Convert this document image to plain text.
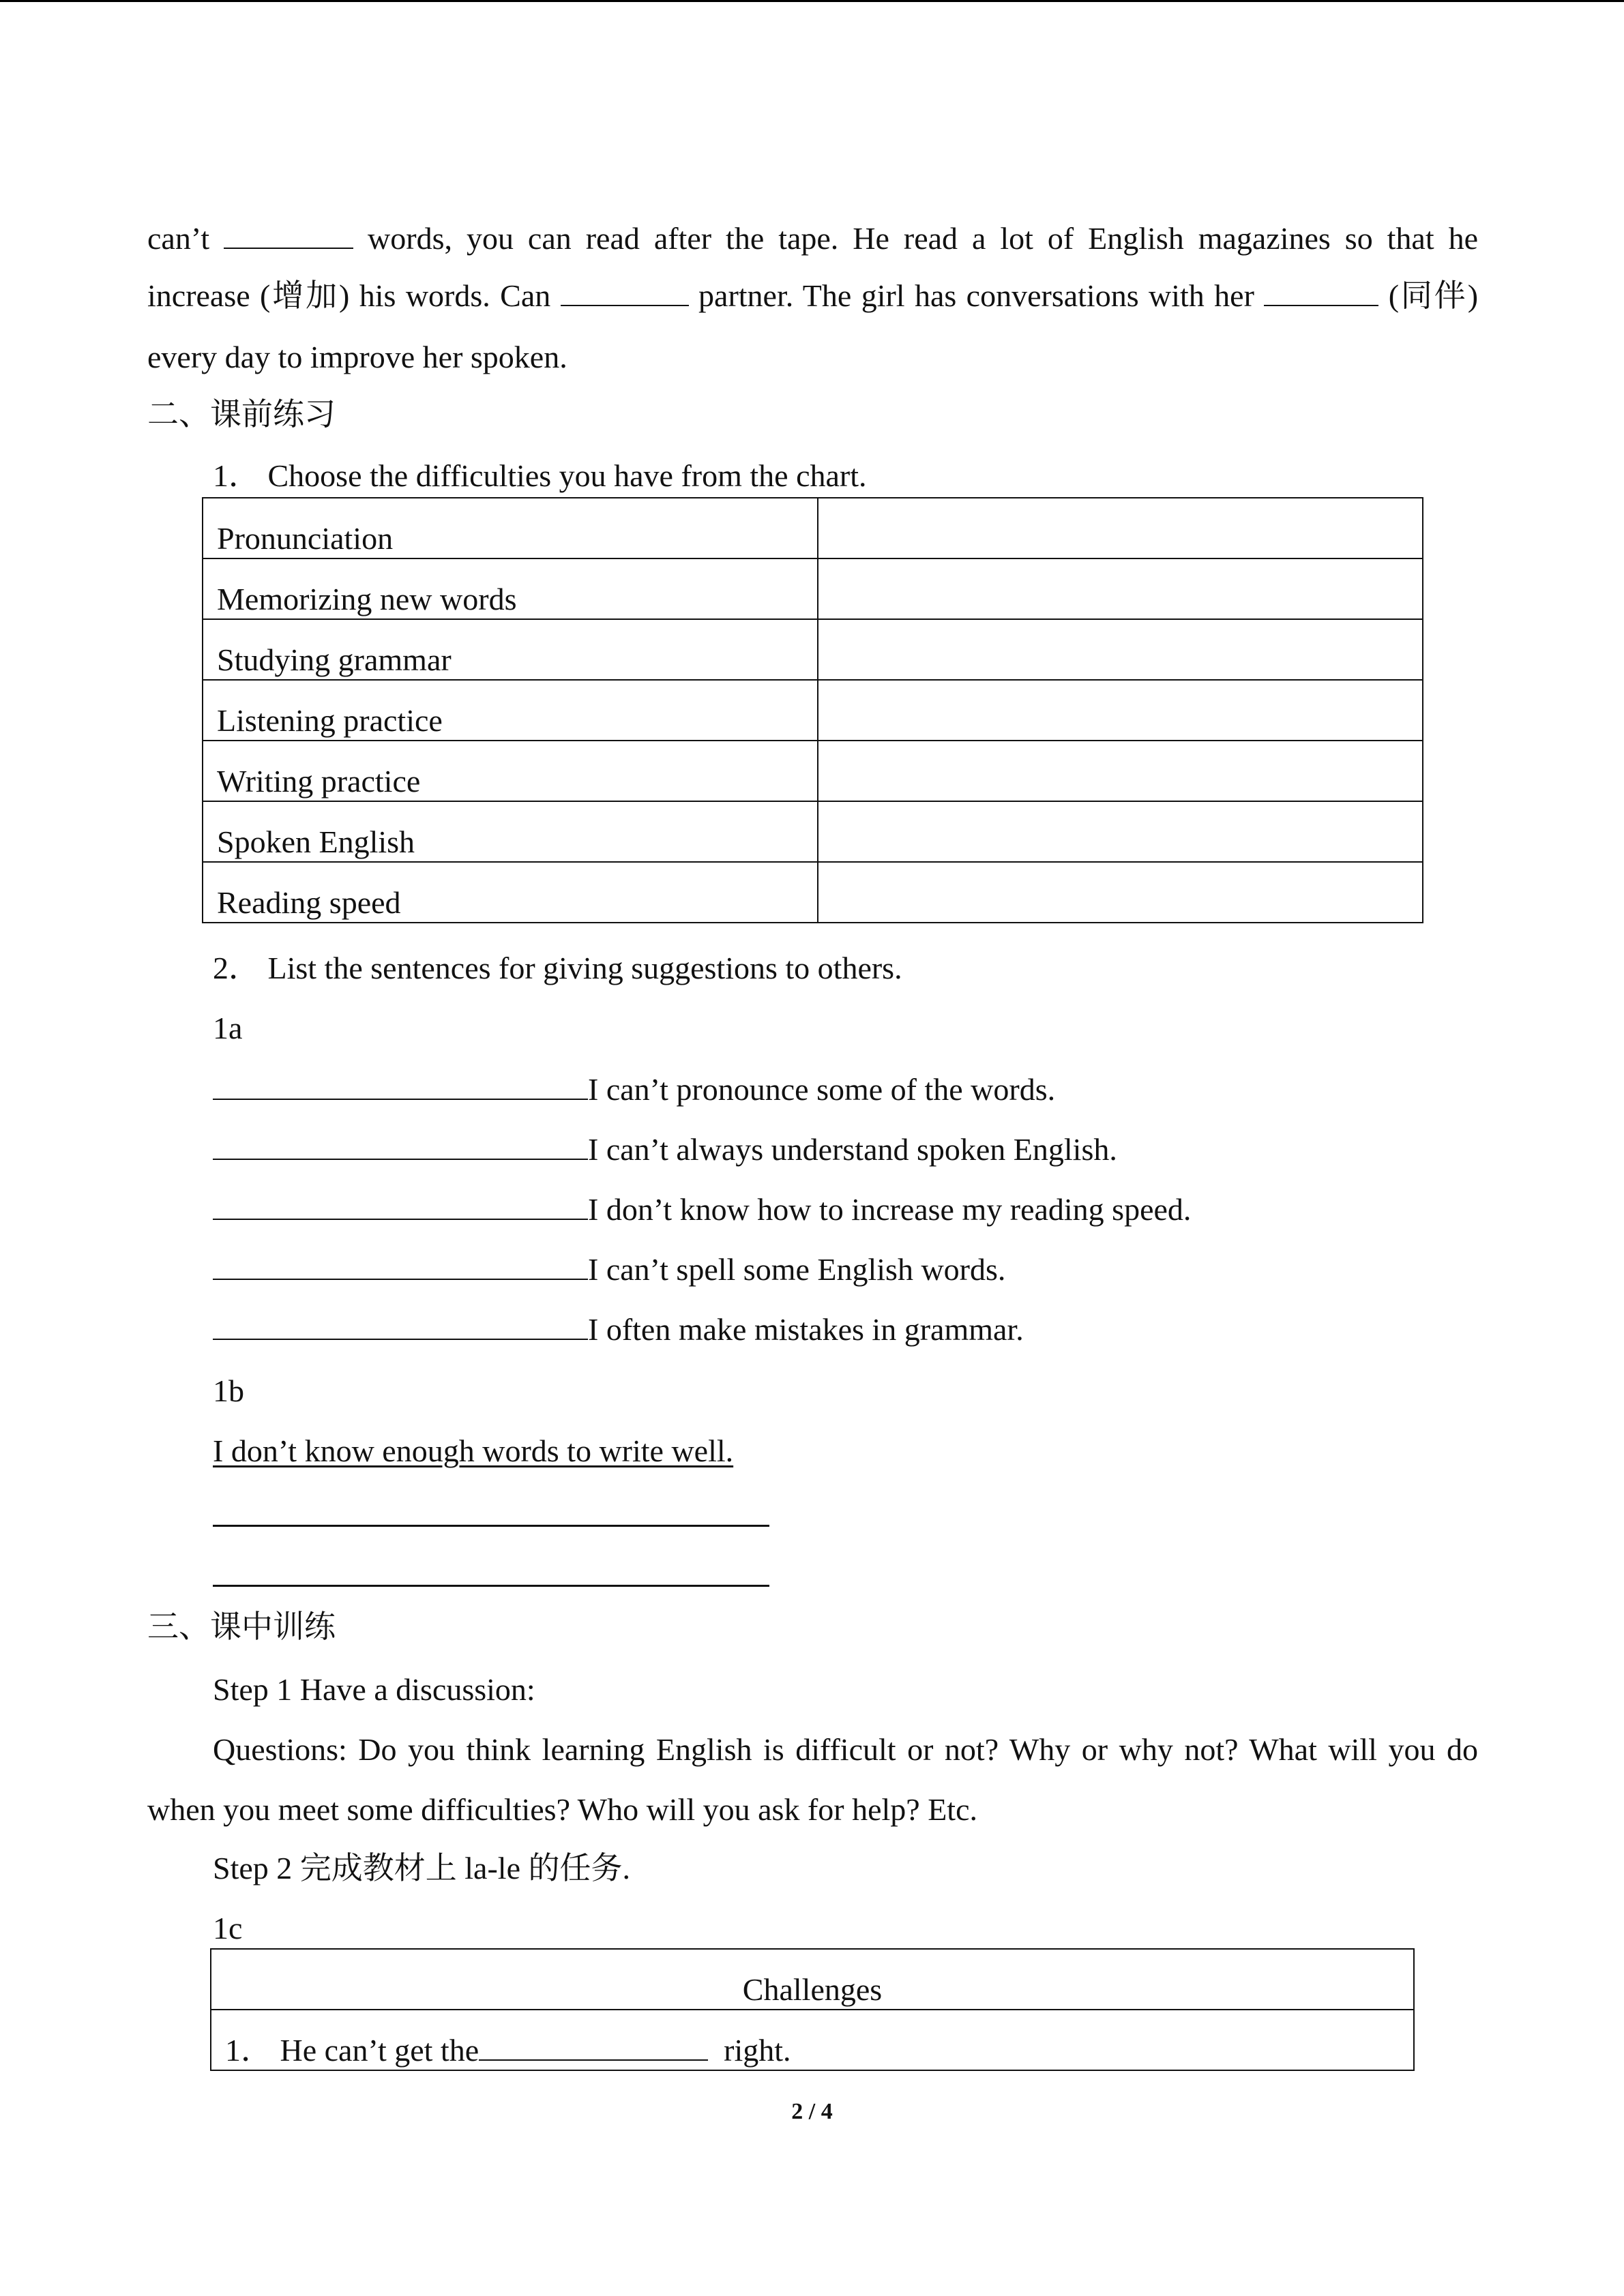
can’t	words, you can read after the tape. He read a lot of English magazines so that he
increase (增加) his words. Can	partner. The girl has conversations with her	(同伴)
every day to improve her spoken.
二、课前练习
1． Choose the difficulties you have from the chart.
Pronunciation	
Memorizing new words	
Studying grammar	
Listening practice	
Writing practice	
Spoken English	
Reading speed	
2． List the sentences for giving suggestions to others.
1a
I can’t pronounce some of the words.
I can’t always understand spoken English.
I don’t know how to increase my reading speed.
I can’t spell some English words.
I often make mistakes in grammar.
1b
I don’t know enough words to write well.
三、课中训练
Step 1 Have a discussion:
Questions: Do you think learning English is difficult or not? Why or why not? What will you do
when you meet some difficulties? Who will you ask for help? Etc.
Step 2 完成教材上 la-le 的任务.
1c
Challenges
1． He can’t get the	right.
2 / 4
